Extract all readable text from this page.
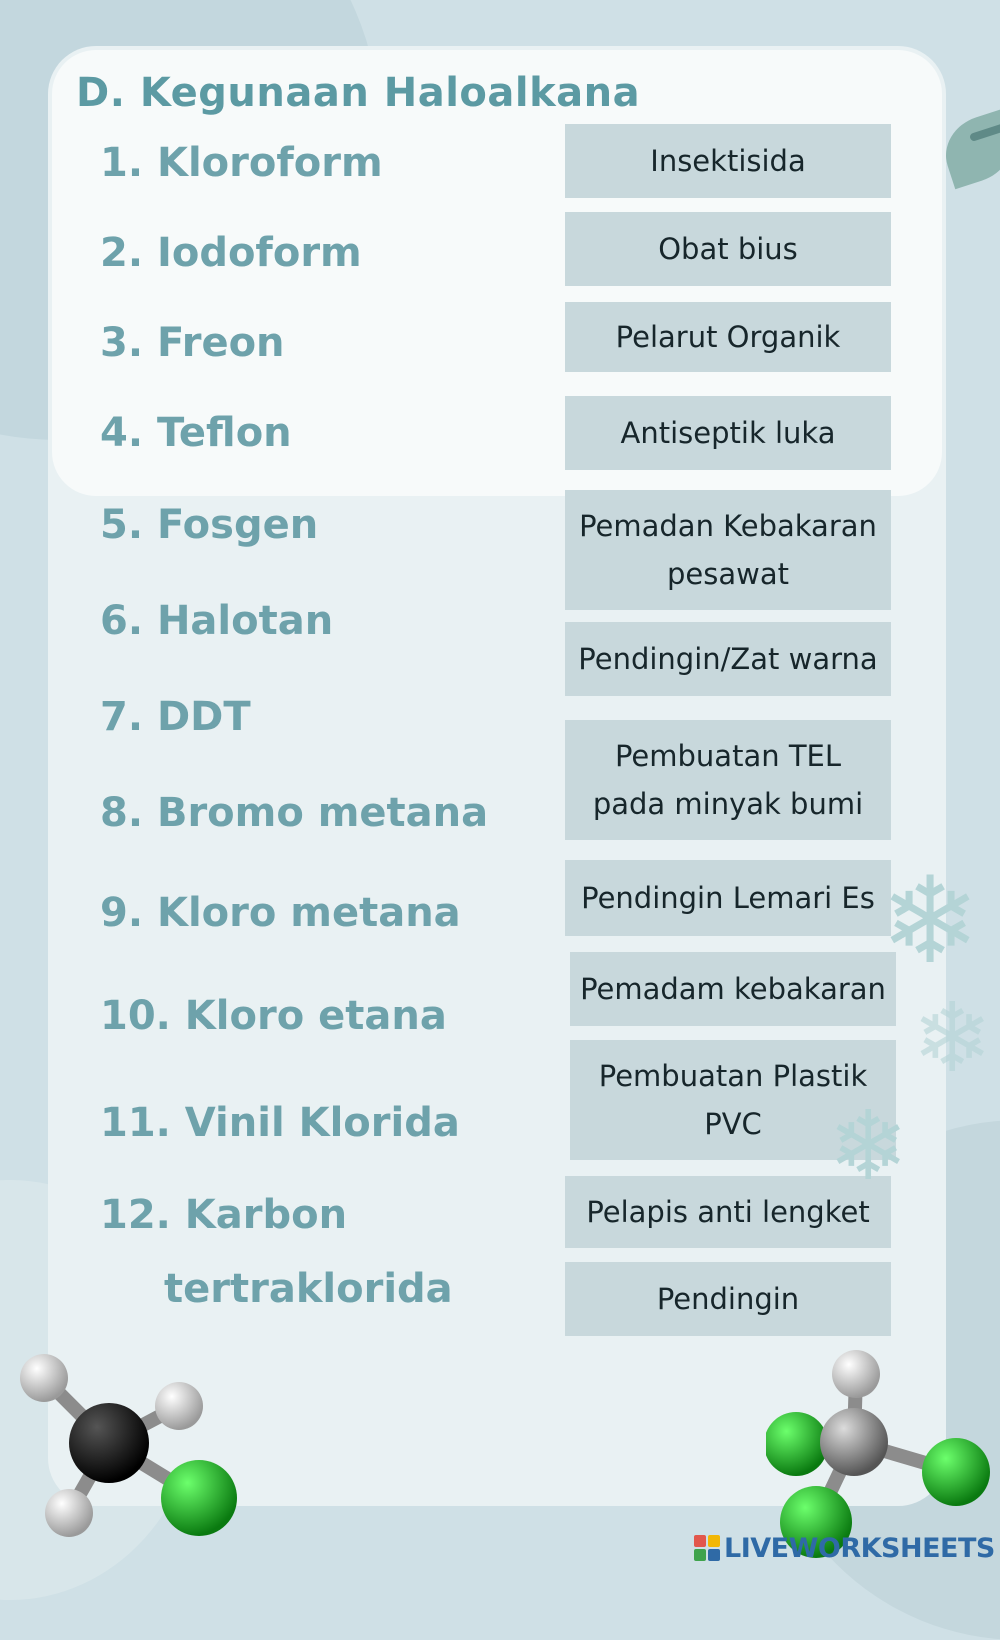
D. Kegunaan Haloalkana
1. Kloroform
2. Iodoform
3. Freon
4. Teflon
5. Fosgen
6. Halotan
7. DDT
8. Bromo metana
9. Kloro metana
10. Kloro etana
11. Vinil Klorida
12. Karbon
tertraklorida
Insektisida
Obat bius
Pelarut Organik
Antiseptik luka
Pemadan Kebakaran pesawat
Pendingin/Zat warna
Pembuatan TEL pada minyak bumi
Pendingin Lemari Es
Pemadam kebakaran
Pembuatan Plastik PVC
Pelapis anti lengket
Pendingin
❄
❄
❄
LIVEWORKSHEETS
